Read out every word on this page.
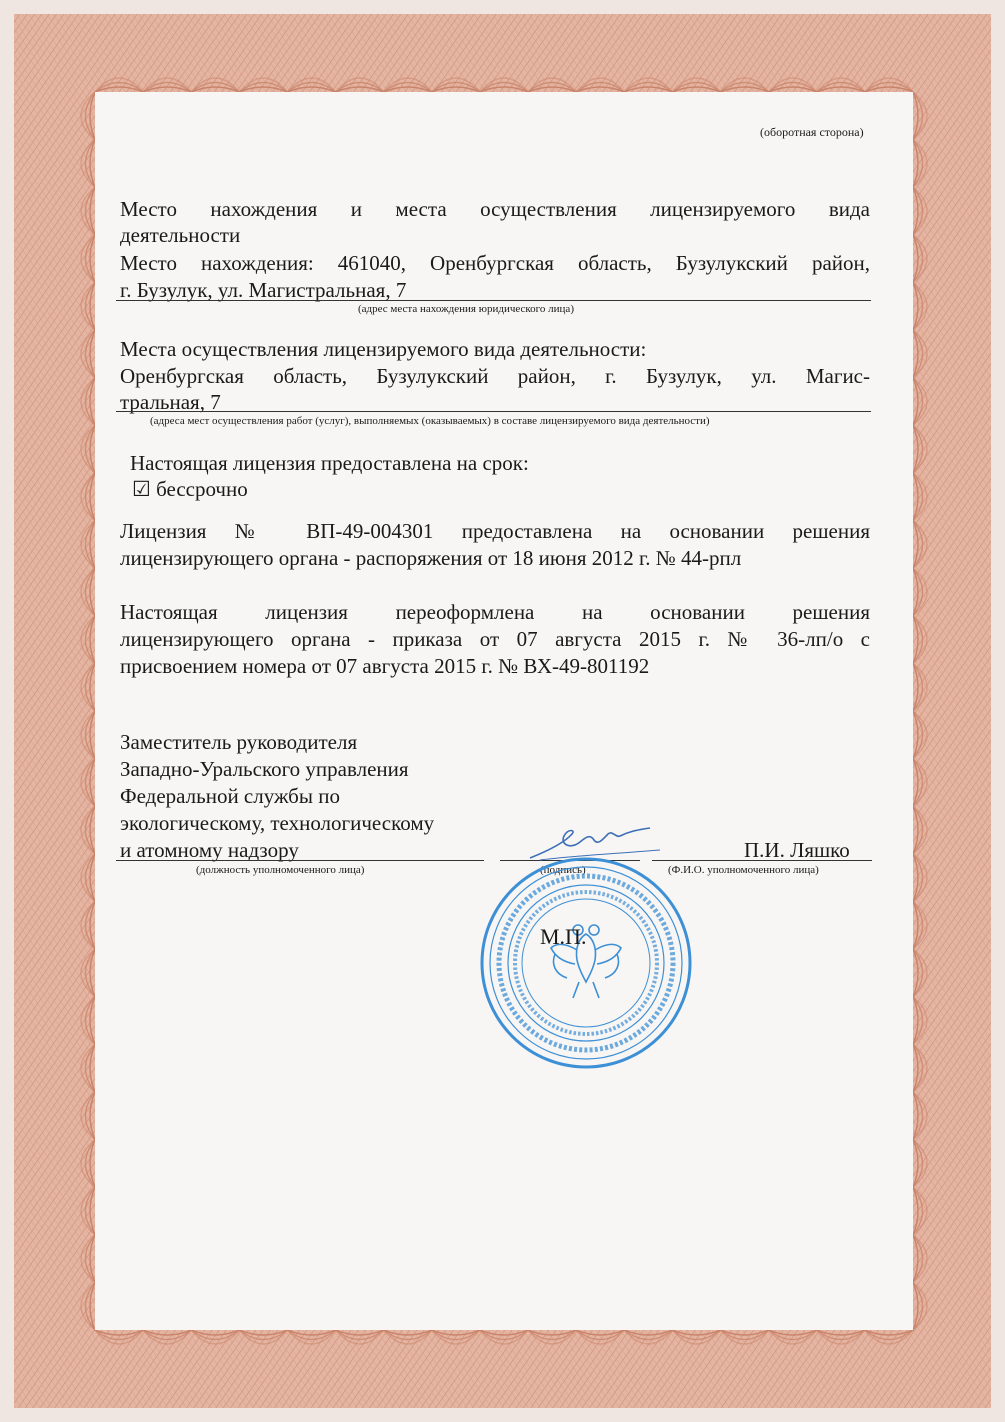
(оборотная сторона)
Место нахождения и места осуществления лицензируемого вида
деятельности
Место нахождения: 461040, Оренбургская область, Бузулукский район,
г. Бузулук, ул. Магистральная, 7
(адрес места нахождения юридического лица)
Места осуществления лицензируемого вида деятельности:
Оренбургская область, Бузулукский район, г. Бузулук, ул. Магис-
тральная, 7
(адреса мест осуществления работ (услуг), выполняемых (оказываемых) в составе лицензируемого вида деятельности)
Настоящая лицензия предоставлена на срок:
☑ бессрочно
Лицензия № ВП-49-004301 предоставлена на основании решения
лицензирующего органа - распоряжения от 18 июня 2012 г. № 44-рпл
Настоящая лицензия переоформлена на основании решения
лицензирующего органа - приказа от 07 августа 2015 г. № 36-лп/о с
присвоением номера от 07 августа 2015 г. № ВХ-49-801192
Заместитель руководителя
Западно-Уральского управления
Федеральной службы по
экологическому, технологическому
и атомному надзору
(должность уполномоченного лица)	(подпись)
П.И. Ляшко
(Ф.И.О. уполномоченного лица)
М.П.
